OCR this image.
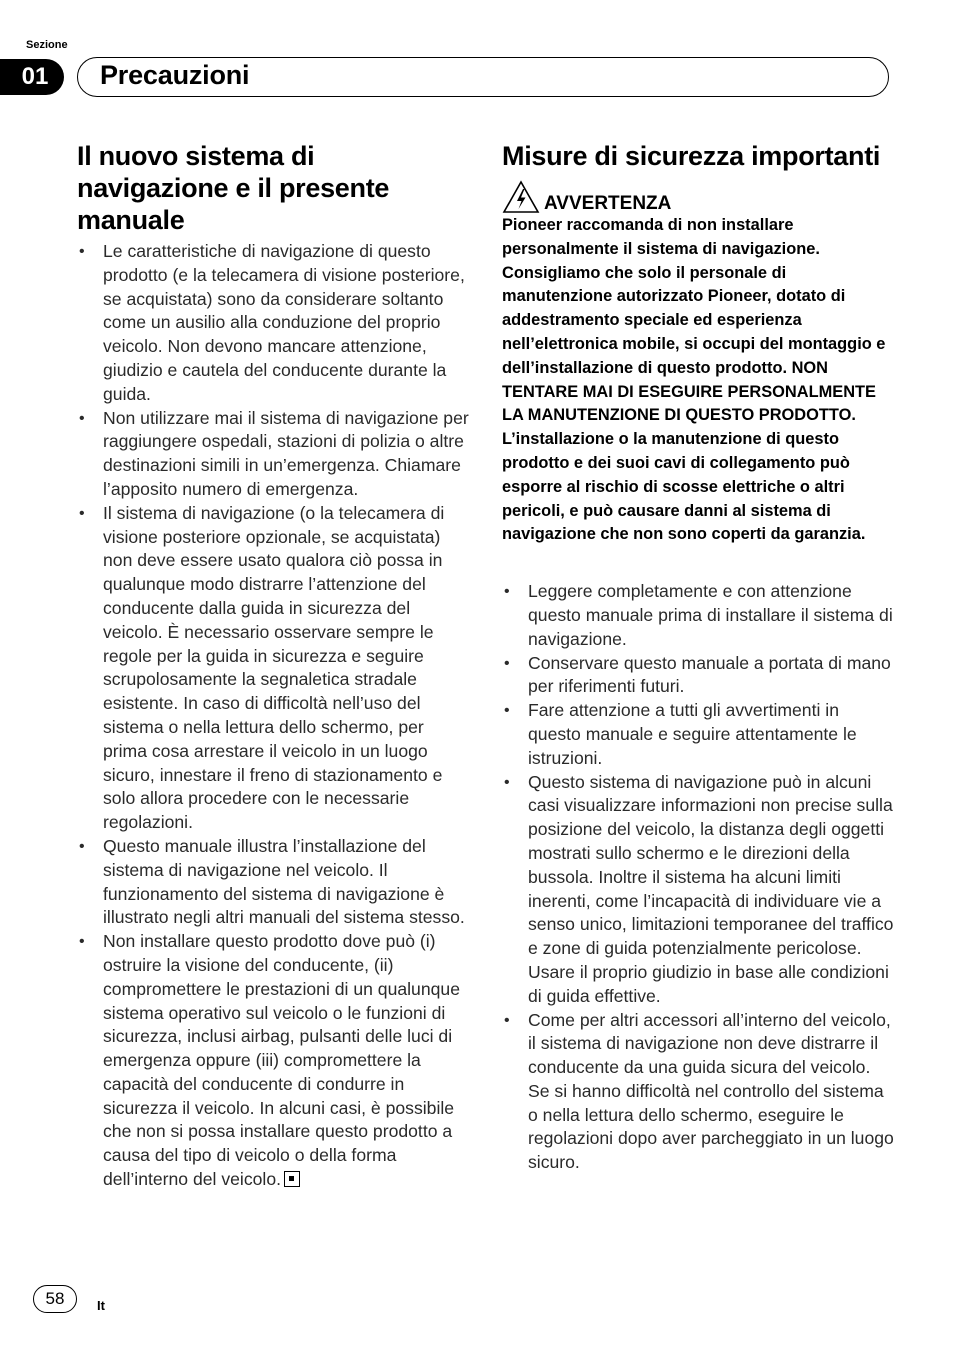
Sezione
01	Precauzioni
Il nuovo sistema di navigazione e il presente manuale
• Le caratteristiche di navigazione di questo prodotto (e la telecamera di visione posteriore, se acquistata) sono da considerare soltanto come un ausilio alla conduzione del proprio veicolo. Non devono mancare attenzione, giudizio e cautela del conducente durante la guida.
• Non utilizzare mai il sistema di navigazione per raggiungere ospedali, stazioni di polizia o altre destinazioni simili in un’emergenza. Chiamare l’apposito numero di emergenza.
• Il sistema di navigazione (o la telecamera di visione posteriore opzionale, se acquistata) non deve essere usato qualora ciò possa in qualunque modo distrarre l’attenzione del conducente dalla guida in sicurezza del veicolo. È necessario osservare sempre le regole per la guida in sicurezza e seguire scrupolosamente la segnaletica stradale esistente. In caso di difficoltà nell’uso del sistema o nella lettura dello schermo, per prima cosa arrestare il veicolo in un luogo sicuro, innestare il freno di stazionamento e solo allora procedere con le necessarie regolazioni.
• Questo manuale illustra l’installazione del sistema di navigazione nel veicolo. Il funzionamento del sistema di navigazione è illustrato negli altri manuali del sistema stesso.
• Non installare questo prodotto dove può (i) ostruire la visione del conducente, (ii) compromettere le prestazioni di un qualunque sistema operativo sul veicolo o le funzioni di sicurezza, inclusi airbag, pulsanti delle luci di emergenza oppure (iii) compromettere la capacità del conducente di condurre in sicurezza il veicolo. In alcuni casi, è possibile che non si possa installare questo prodotto a causa del tipo di veicolo o della forma dell’interno del veicolo.
Misure di sicurezza importanti
AVVERTENZA
Pioneer raccomanda di non installare personalmente il sistema di navigazione. Consigliamo che solo il personale di manutenzione autorizzato Pioneer, dotato di addestramento speciale ed esperienza nell’elettronica mobile, si occupi del montaggio e dell’installazione di questo prodotto. NON TENTARE MAI DI ESEGUIRE PERSONALMENTE LA MANUTENZIONE DI QUESTO PRODOTTO. L’installazione o la manutenzione di questo prodotto e dei suoi cavi di collegamento può esporre al rischio di scosse elettriche o altri pericoli, e può causare danni al sistema di navigazione che non sono coperti da garanzia.
• Leggere completamente e con attenzione questo manuale prima di installare il sistema di navigazione.
• Conservare questo manuale a portata di mano per riferimenti futuri.
• Fare attenzione a tutti gli avvertimenti in questo manuale e seguire attentamente le istruzioni.
• Questo sistema di navigazione può in alcuni casi visualizzare informazioni non precise sulla posizione del veicolo, la distanza degli oggetti mostrati sullo schermo e le direzioni della bussola. Inoltre il sistema ha alcuni limiti inerenti, come l’incapacità di individuare vie a senso unico, limitazioni temporanee del traffico e zone di guida potenzialmente pericolose. Usare il proprio giudizio in base alle condizioni di guida effettive.
• Come per altri accessori all’interno del veicolo, il sistema di navigazione non deve distrarre il conducente da una guida sicura del veicolo. Se si hanno difficoltà nel controllo del sistema o nella lettura dello schermo, eseguire le regolazioni dopo aver parcheggiato in un luogo sicuro.
58	It
